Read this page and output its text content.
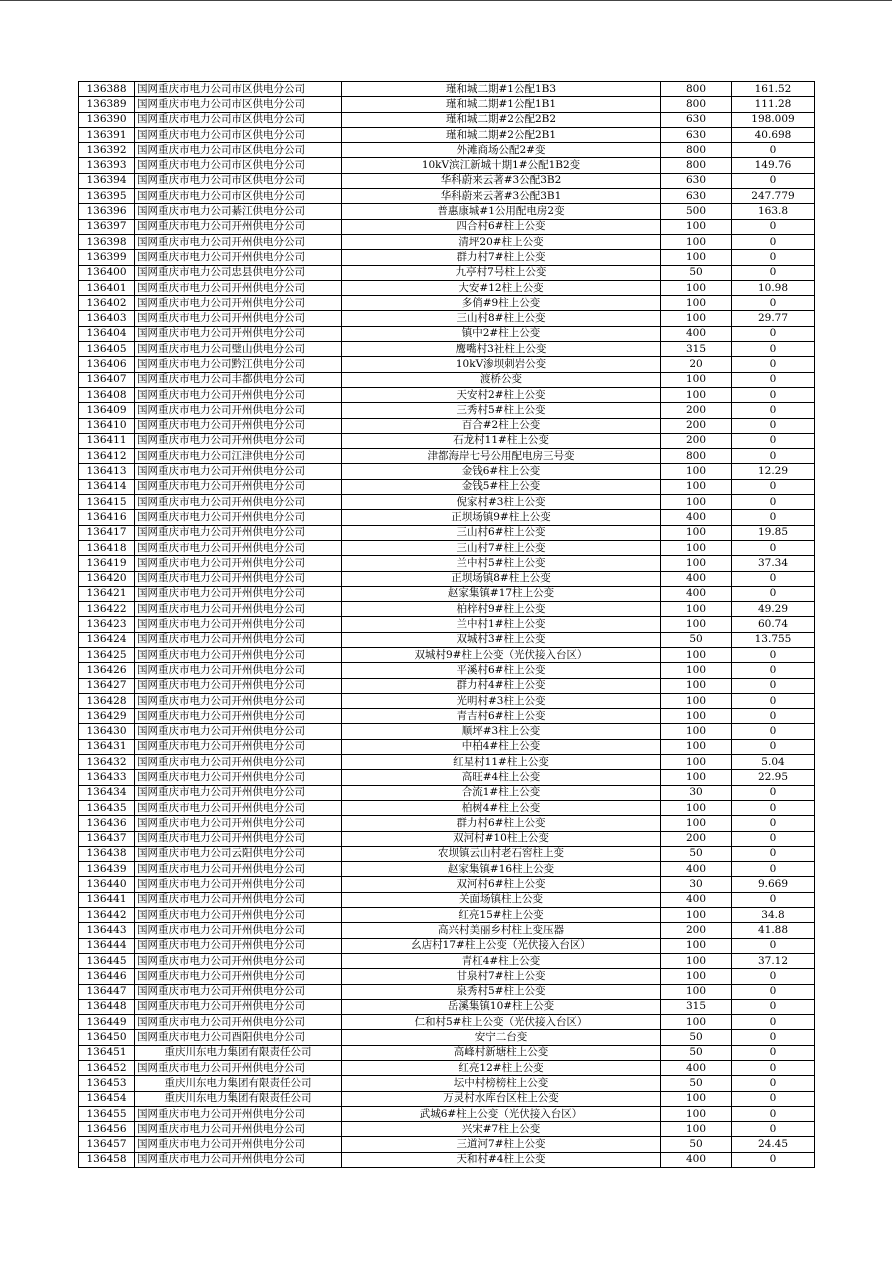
136388	国网重庆市电力公司市区供电分公司	瑾和城二期#1公配1B3	800	161.52
136389	国网重庆市电力公司市区供电分公司	瑾和城二期#1公配1B1	800	111.28
136390	国网重庆市电力公司市区供电分公司	瑾和城二期#2公配2B2	630	198.009
136391	国网重庆市电力公司市区供电分公司	瑾和城二期#2公配2B1	630	40.698
136392	国网重庆市电力公司市区供电分公司	外滩商场公配2#变	800	0
136393	国网重庆市电力公司市区供电分公司	10kV滨江新城十期1#公配1B2变	800	149.76
136394	国网重庆市电力公司市区供电分公司	华科蔚来云著#3公配3B2	630	0
136395	国网重庆市电力公司市区供电分公司	华科蔚来云著#3公配3B1	630	247.779
136396	国网重庆市电力公司綦江供电分公司	普惠康城#1公用配电房2变	500	163.8
136397	国网重庆市电力公司开州供电分公司	四合村6#柱上公变	100	0
136398	国网重庆市电力公司开州供电分公司	清坪20#柱上公变	100	0
136399	国网重庆市电力公司开州供电分公司	群力村7#柱上公变	100	0
136400	国网重庆市电力公司忠县供电分公司	九亭村7号柱上公变	50	0
136401	国网重庆市电力公司开州供电分公司	大安#12柱上公变	100	10.98
136402	国网重庆市电力公司开州供电分公司	多俏#9柱上公变	100	0
136403	国网重庆市电力公司开州供电分公司	三山村8#柱上公变	100	29.77
136404	国网重庆市电力公司开州供电分公司	镇中2#柱上公变	400	0
136405	国网重庆市电力公司璧山供电分公司	鹰嘴村3社柱上公变	315	0
136406	国网重庆市电力公司黔江供电分公司	10kV渗坝刺岩公变	20	0
136407	国网重庆市电力公司丰都供电分公司	渡桥公变	100	0
136408	国网重庆市电力公司开州供电分公司	天安村2#柱上公变	100	0
136409	国网重庆市电力公司开州供电分公司	三秀村5#柱上公变	200	0
136410	国网重庆市电力公司开州供电分公司	百合#2柱上公变	200	0
136411	国网重庆市电力公司开州供电分公司	石龙村11#柱上公变	200	0
136412	国网重庆市电力公司江津供电分公司	津都海岸七号公用配电房三号变	800	0
136413	国网重庆市电力公司开州供电分公司	金钱6#柱上公变	100	12.29
136414	国网重庆市电力公司开州供电分公司	金钱5#柱上公变	100	0
136415	国网重庆市电力公司开州供电分公司	倪家村#3柱上公变	100	0
136416	国网重庆市电力公司开州供电分公司	正坝场镇9#柱上公变	400	0
136417	国网重庆市电力公司开州供电分公司	三山村6#柱上公变	100	19.85
136418	国网重庆市电力公司开州供电分公司	三山村7#柱上公变	100	0
136419	国网重庆市电力公司开州供电分公司	兰中村5#柱上公变	100	37.34
136420	国网重庆市电力公司开州供电分公司	正坝场镇8#柱上公变	400	0
136421	国网重庆市电力公司开州供电分公司	赵家集镇#17柱上公变	400	0
136422	国网重庆市电力公司开州供电分公司	柏梓村9#柱上公变	100	49.29
136423	国网重庆市电力公司开州供电分公司	兰中村1#柱上公变	100	60.74
136424	国网重庆市电力公司开州供电分公司	双城村3#柱上公变	50	13.755
136425	国网重庆市电力公司开州供电分公司	双城村9#柱上公变（光伏接入台区）	100	0
136426	国网重庆市电力公司开州供电分公司	平溪村6#柱上公变	100	0
136427	国网重庆市电力公司开州供电分公司	群力村4#柱上公变	100	0
136428	国网重庆市电力公司开州供电分公司	光明村#3柱上公变	100	0
136429	国网重庆市电力公司开州供电分公司	青吉村6#柱上公变	100	0
136430	国网重庆市电力公司开州供电分公司	顺坪#3柱上公变	100	0
136431	国网重庆市电力公司开州供电分公司	中柏4#柱上公变	100	0
136432	国网重庆市电力公司开州供电分公司	红星村11#柱上公变	100	5.04
136433	国网重庆市电力公司开州供电分公司	高旺#4柱上公变	100	22.95
136434	国网重庆市电力公司开州供电分公司	合流1#柱上公变	30	0
136435	国网重庆市电力公司开州供电分公司	柏树4#柱上公变	100	0
136436	国网重庆市电力公司开州供电分公司	群力村6#柱上公变	100	0
136437	国网重庆市电力公司开州供电分公司	双河村#10柱上公变	200	0
136438	国网重庆市电力公司云阳供电分公司	农坝镇云山村老石窖柱上变	50	0
136439	国网重庆市电力公司开州供电分公司	赵家集镇#16柱上公变	400	0
136440	国网重庆市电力公司开州供电分公司	双河村6#柱上公变	30	9.669
136441	国网重庆市电力公司开州供电分公司	关面场镇柱上公变	400	0
136442	国网重庆市电力公司开州供电分公司	红亮15#柱上公变	100	34.8
136443	国网重庆市电力公司开州供电分公司	高兴村美丽乡村柱上变压器	200	41.88
136444	国网重庆市电力公司开州供电分公司	幺店村17#柱上公变（光伏接入台区）	100	0
136445	国网重庆市电力公司开州供电分公司	青杠4#柱上公变	100	37.12
136446	国网重庆市电力公司开州供电分公司	甘泉村7#柱上公变	100	0
136447	国网重庆市电力公司开州供电分公司	泉秀村5#柱上公变	100	0
136448	国网重庆市电力公司开州供电分公司	岳溪集镇10#柱上公变	315	0
136449	国网重庆市电力公司开州供电分公司	仁和村5#柱上公变（光伏接入台区）	100	0
136450	国网重庆市电力公司酉阳供电分公司	安宁二台变	50	0
136451	重庆川东电力集团有限责任公司	高峰村新塘柱上公变	50	0
136452	国网重庆市电力公司开州供电分公司	红亮12#柱上公变	400	0
136453	重庆川东电力集团有限责任公司	坛中村榜榜柱上公变	50	0
136454	重庆川东电力集团有限责任公司	万灵村水库台区柱上公变	100	0
136455	国网重庆市电力公司开州供电分公司	武城6#柱上公变（光伏接入台区）	100	0
136456	国网重庆市电力公司开州供电分公司	兴宋#7柱上公变	100	0
136457	国网重庆市电力公司开州供电分公司	三道河7#柱上公变	50	24.45
136458	国网重庆市电力公司开州供电分公司	天和村#4柱上公变	400	0
